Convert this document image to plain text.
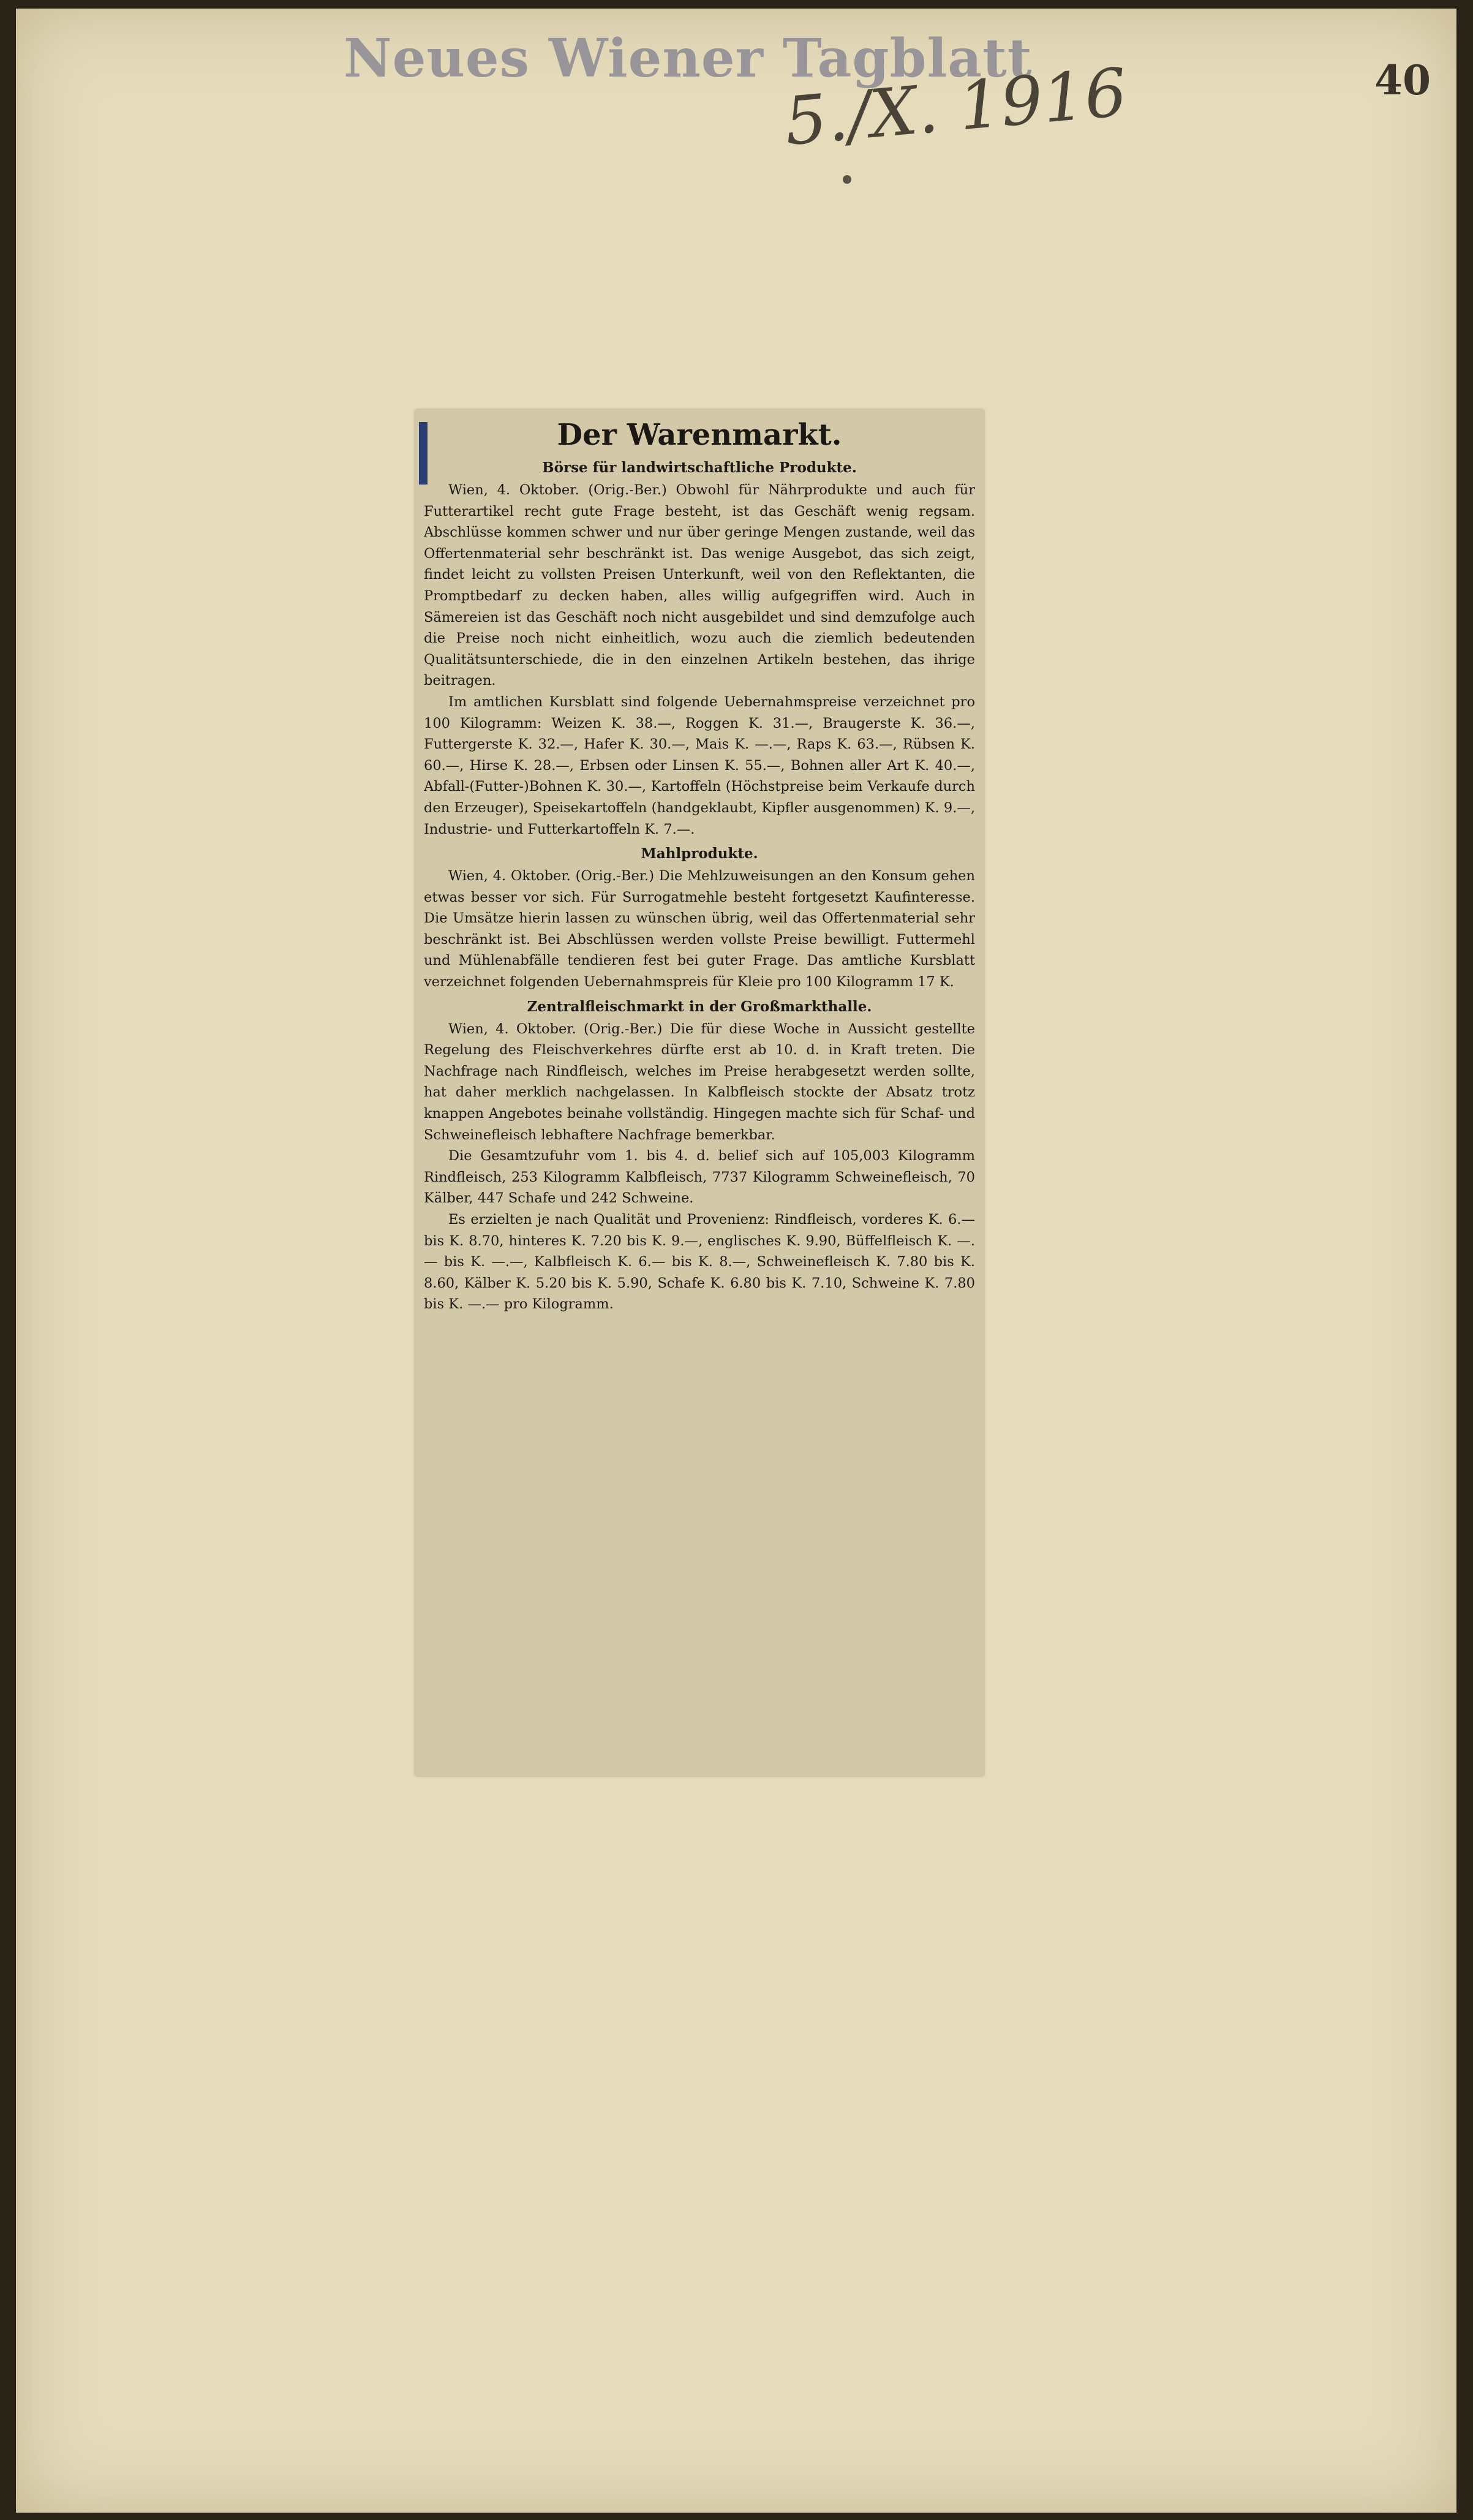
Neues Wiener Tagblatt
5./X. 1916	40
Der Warenmarkt.
Börse für landwirtschaftliche Produkte.

Wien, 4. Oktober. (Orig.-Ber.) Obwohl für Nährprodukte und auch für Futterartikel recht gute Frage besteht, ist das Geschäft wenig regsam. Abschlüsse kommen schwer und nur über geringe Mengen zustande, weil das Offertenmaterial sehr beschränkt ist. Das wenige Ausgebot, das sich zeigt, findet leicht zu vollsten Preisen Unterkunft, weil von den Reflektanten, die Promptbedarf zu decken haben, alles willig aufgegriffen wird. Auch in Sämereien ist das Geschäft noch nicht ausgebildet und sind demzufolge auch die Preise noch nicht einheitlich, wozu auch die ziemlich bedeutenden Qualitätsunterschiede, die in den einzelnen Artikeln bestehen, das ihrige beitragen.

Im amtlichen Kursblatt sind folgende Uebernahmspreise verzeichnet pro 100 Kilogramm: Weizen K. 38.—, Roggen K. 31.—, Braugerste K. 36.—, Futtergerste K. 32.—, Hafer K. 30.—, Mais K. —.—, Raps K. 63.—, Rübsen K. 60.—, Hirse K. 28.—, Erbsen oder Linsen K. 55.—, Bohnen aller Art K. 40.—, Abfall-(Futter-)Bohnen K. 30.—, Kartoffeln (Höchstpreise beim Verkaufe durch den Erzeuger), Speisekartoffeln (handgeklaubt, Kipfler ausgenommen) K. 9.—, Industrie- und Futterkartoffeln K. 7.—.

Mahlprodukte.

Wien, 4. Oktober. (Orig.-Ber.) Die Mehlzuweisungen an den Konsum gehen etwas besser vor sich. Für Surrogatmehle besteht fortgesetzt Kaufinteresse. Die Umsätze hierin lassen zu wünschen übrig, weil das Offertenmaterial sehr beschränkt ist. Bei Abschlüssen werden vollste Preise bewilligt. Futtermehl und Mühlenabfälle tendieren fest bei guter Frage. Das amtliche Kursblatt verzeichnet folgenden Uebernahmspreis für Kleie pro 100 Kilogramm 17 K.

Zentralfleischmarkt in der Großmarkthalle.

Wien, 4. Oktober. (Orig.-Ber.) Die für diese Woche in Aussicht gestellte Regelung des Fleischverkehres dürfte erst ab 10. d. in Kraft treten. Die Nachfrage nach Rindfleisch, welches im Preise herabgesetzt werden sollte, hat daher merklich nachgelassen. In Kalbfleisch stockte der Absatz trotz knappen Angebotes beinahe vollständig. Hingegen machte sich für Schaf- und Schweinefleisch lebhaftere Nachfrage bemerkbar.

Die Gesamtzufuhr vom 1. bis 4. d. belief sich auf 105,003 Kilogramm Rindfleisch, 253 Kilogramm Kalbfleisch, 7737 Kilogramm Schweinefleisch, 70 Kälber, 447 Schafe und 242 Schweine.

Es erzielten je nach Qualität und Provenienz: Rindfleisch, vorderes K. 6.— bis K. 8.70, hinteres K. 7.20 bis K. 9.—, englisches K. 9.90, Büffelfleisch K. —.— bis K. —.—, Kalbfleisch K. 6.— bis K. 8.—, Schweinefleisch K. 7.80 bis K. 8.60, Kälber K. 5.20 bis K. 5.90, Schafe K. 6.80 bis K. 7.10, Schweine K. 7.80 bis K. —.— pro Kilogramm.
